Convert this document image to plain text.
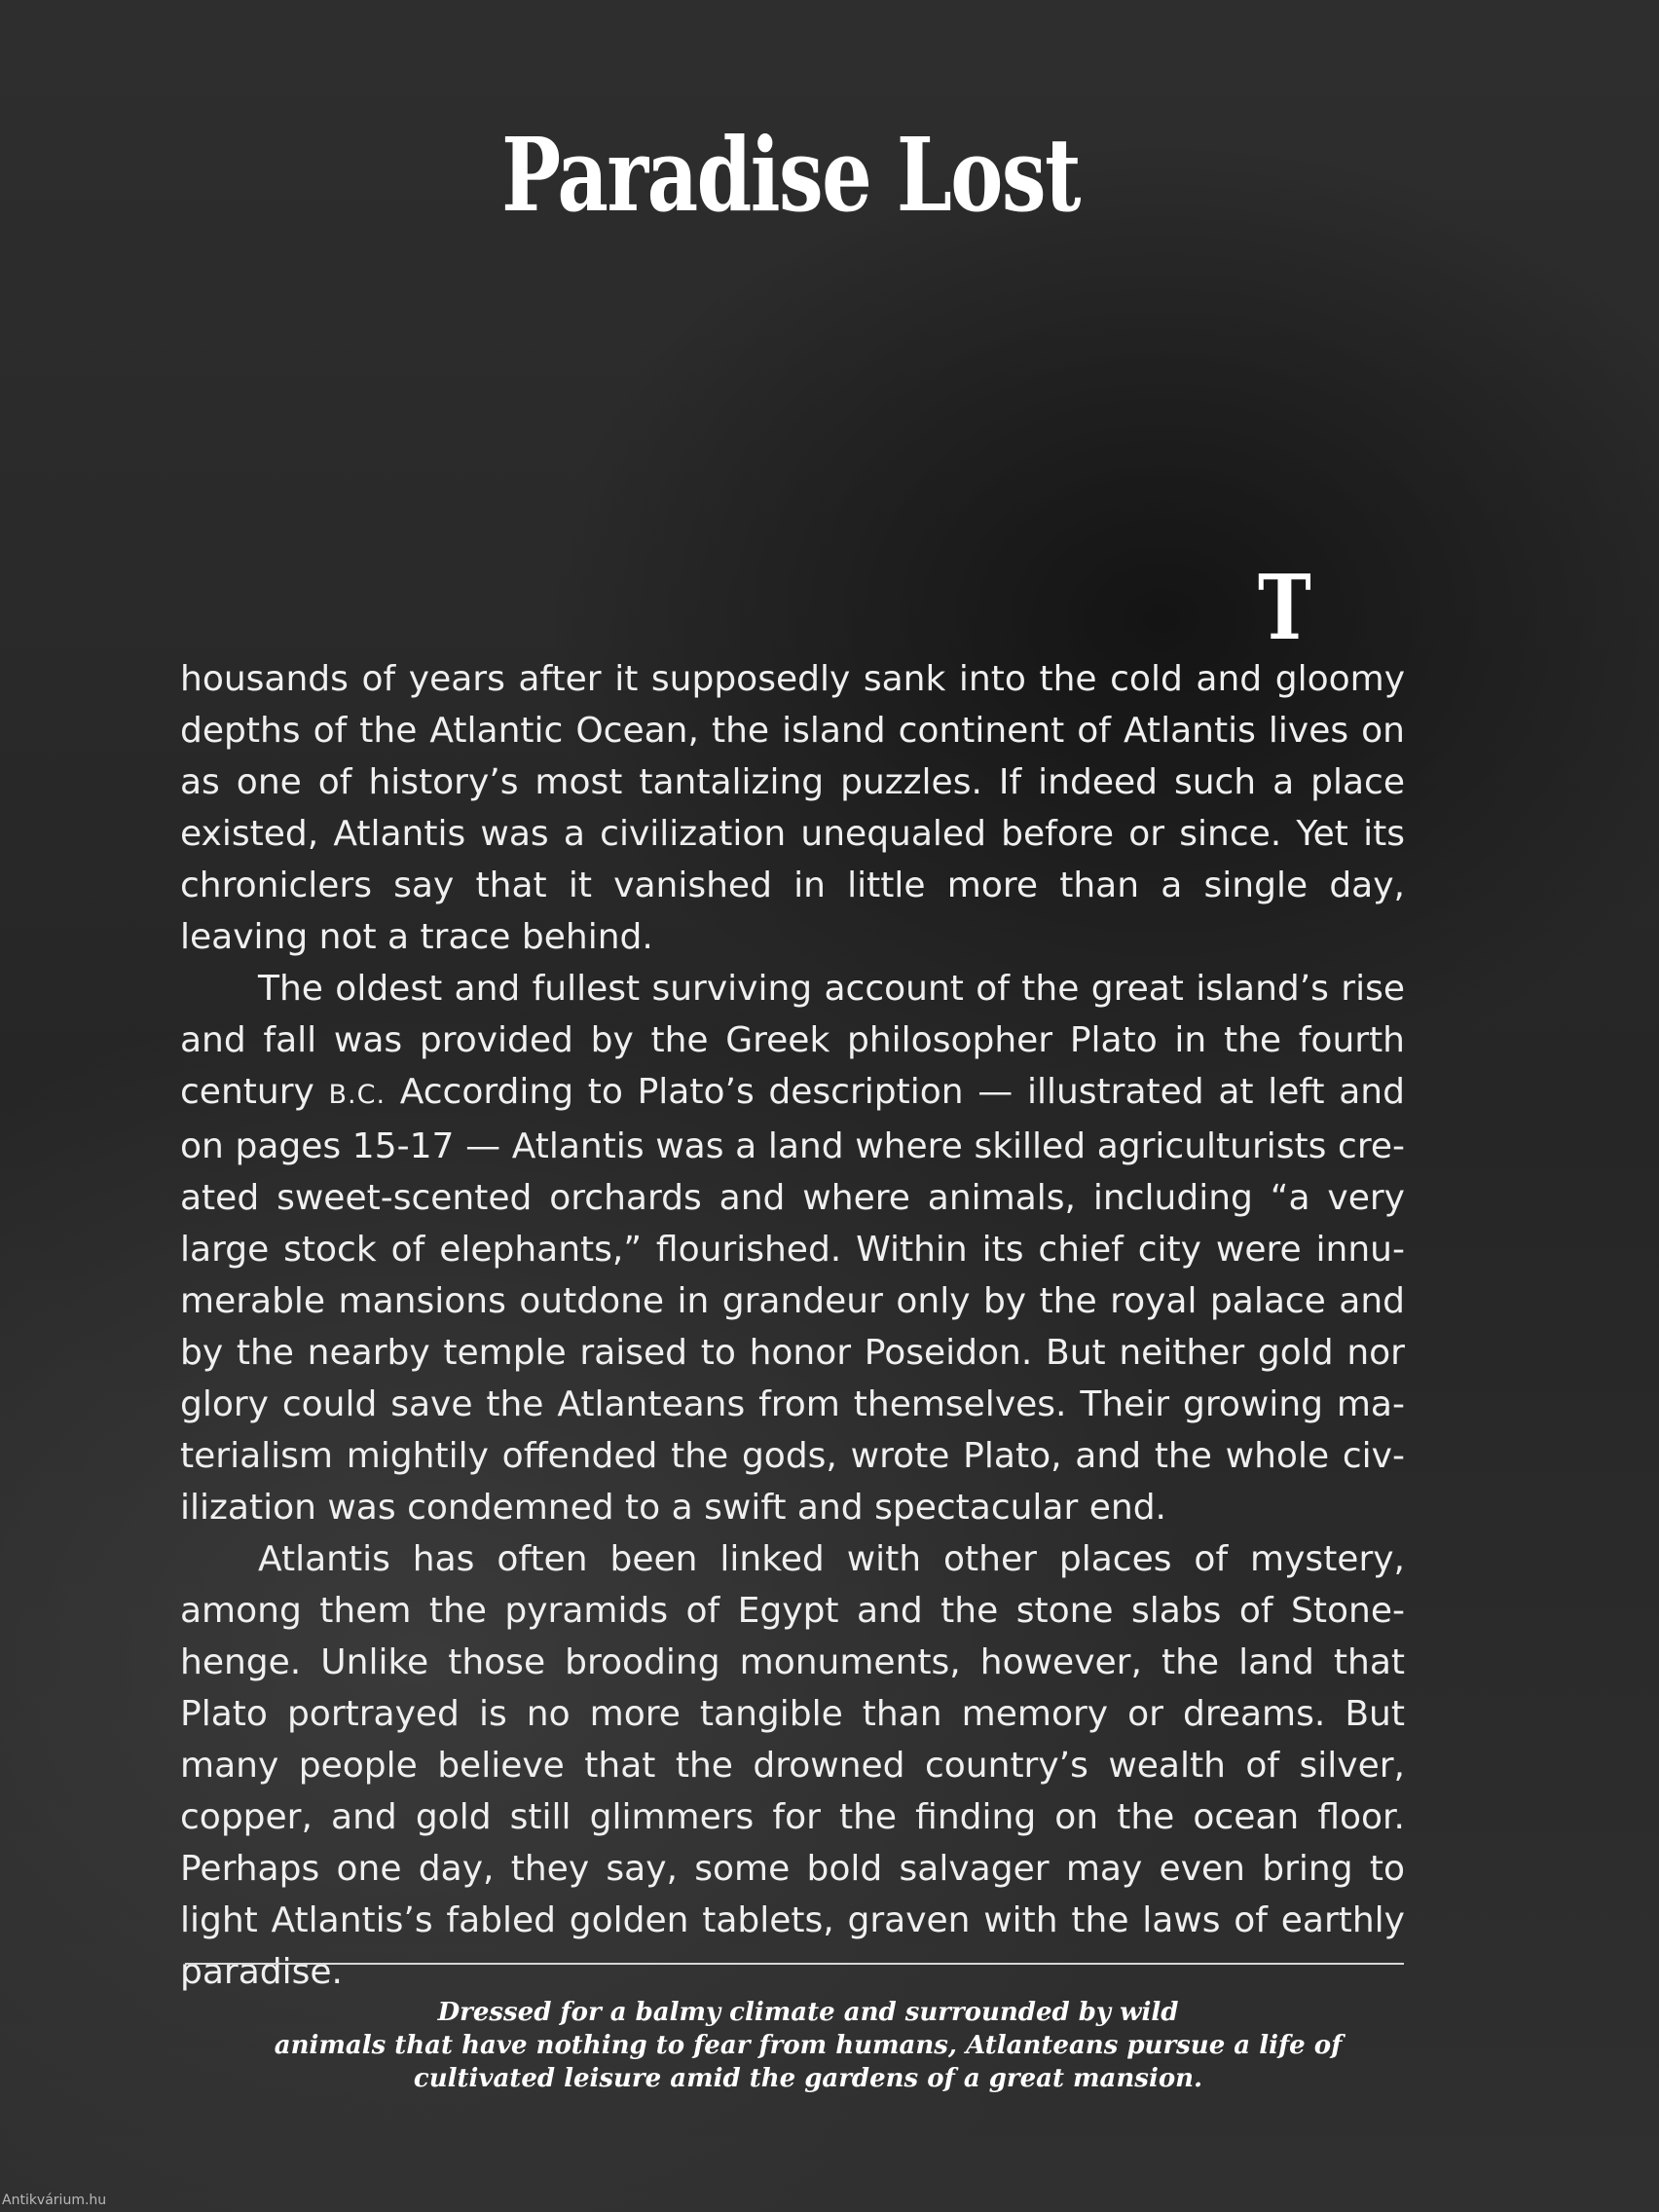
Paradise Lost

Thousands of years after it supposedly sank into the cold and gloomy depths of the Atlantic Ocean, the island continent of Atlantis lives on as one of history’s most tantalizing puzzles. If indeed such a place existed, Atlantis was a civilization unequaled before or since. Yet its chroniclers say that it vanished in little more than a single day, leaving not a trace behind.

The oldest and fullest surviving account of the great island’s rise and fall was provided by the Greek philosopher Plato in the fourth century B.C. According to Plato’s description — illustrated at left and on pages 15-17 — Atlantis was a land where skilled agriculturists created sweet-scented orchards and where animals, including “a very large stock of elephants,” flourished. Within its chief city were innumerable mansions outdone in grandeur only by the royal palace and by the nearby temple raised to honor Poseidon. But neither gold nor glory could save the Atlanteans from themselves. Their growing materialism mightily offended the gods, wrote Plato, and the whole civilization was condemned to a swift and spectacular end.

Atlantis has often been linked with other places of mystery, among them the pyramids of Egypt and the stone slabs of Stonehenge. Unlike those brooding monuments, however, the land that Plato portrayed is no more tangible than memory or dreams. But many people believe that the drowned country’s wealth of silver, copper, and gold still glimmers for the finding on the ocean floor. Perhaps one day, they say, some bold salvager may even bring to light Atlantis’s fabled golden tablets, graven with the laws of earthly paradise.

Dressed for a balmy climate and surrounded by wild
animals that have nothing to fear from humans, Atlanteans pursue a life of
cultivated leisure amid the gardens of a great mansion.
Antikvárium.hu
